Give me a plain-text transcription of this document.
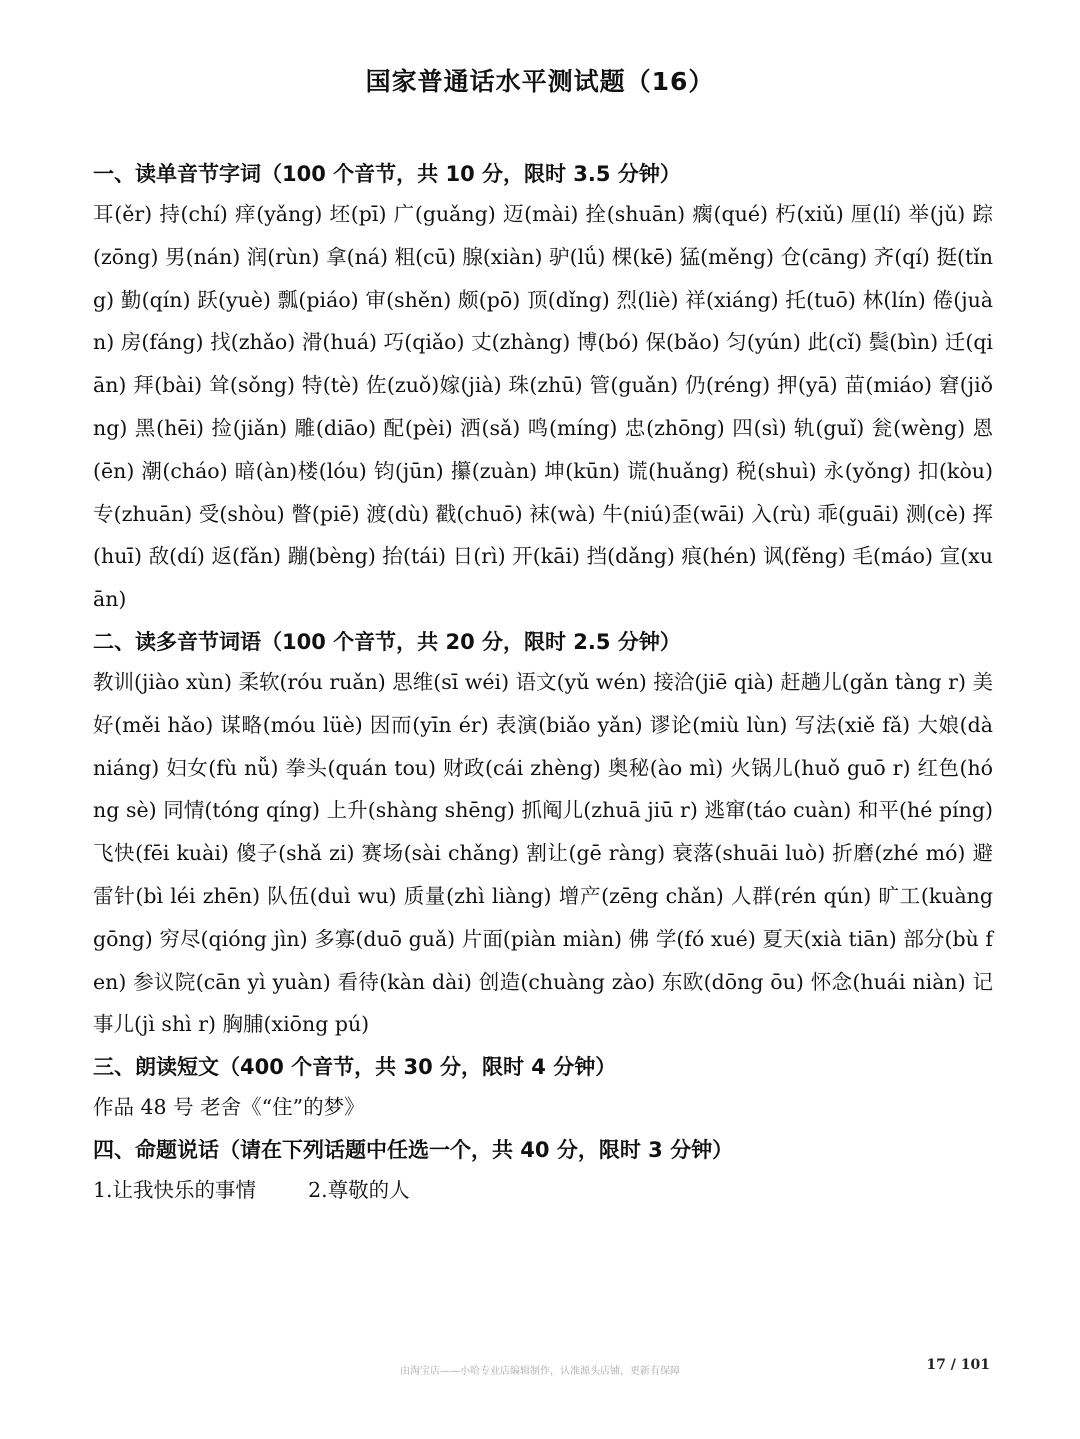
国家普通话水平测试题（16）
一、读单音节字词（100 个音节，共 10 分，限时 3.5 分钟）
耳(ěr) 持(chí) 痒(yǎng) 坯(pī) 广(guǎng) 迈(mài) 拴(shuān) 瘸(qué) 朽(xiǔ) 厘(lí) 举(jǔ) 踪(zōng) 男(nán) 润(rùn) 拿(ná) 粗(cū) 腺(xiàn) 驴(lǘ) 棵(kē) 猛(měng) 仓(cāng) 齐(qí) 挺(tǐng) 勤(qín) 跃(yuè) 瓢(piáo) 审(shěn) 颇(pō) 顶(dǐng) 烈(liè) 祥(xiáng) 托(tuō) 林(lín) 倦(juàn) 房(fáng) 找(zhǎo) 滑(huá) 巧(qiǎo) 丈(zhàng) 博(bó) 保(bǎo) 匀(yún) 此(cǐ) 鬓(bìn) 迁(qiān) 拜(bài) 耸(sǒng) 特(tè) 佐(zuǒ)嫁(jià) 珠(zhū) 管(guǎn) 仍(réng) 押(yā) 苗(miáo) 窘(jiǒng) 黑(hēi) 捡(jiǎn) 雕(diāo) 配(pèi) 洒(sǎ) 鸣(míng) 忠(zhōng) 四(sì) 轨(guǐ) 瓮(wèng) 恩(ēn) 潮(cháo) 暗(àn)楼(lóu) 钧(jūn) 攥(zuàn) 坤(kūn) 谎(huǎng) 税(shuì) 永(yǒng) 扣(kòu) 专(zhuān) 受(shòu) 瞥(piē) 渡(dù) 戳(chuō) 袜(wà) 牛(niú)歪(wāi) 入(rù) 乖(guāi) 测(cè) 挥(huī) 敌(dí) 返(fǎn) 蹦(bèng) 抬(tái) 日(rì) 开(kāi) 挡(dǎng) 痕(hén) 讽(fěng) 毛(máo) 宣(xuān)
二、读多音节词语（100 个音节，共 20 分，限时 2.5 分钟）
教训(jiào xùn) 柔软(róu ruǎn) 思维(sī wéi) 语文(yǔ wén) 接洽(jiē qià) 赶趟儿(gǎn tàng r) 美好(měi hǎo) 谋略(móu lüè) 因而(yīn ér) 表演(biǎo yǎn) 谬论(miù lùn) 写法(xiě fǎ) 大娘(dà niáng) 妇女(fù nǚ) 拳头(quán tou) 财政(cái zhèng) 奥秘(ào mì) 火锅儿(huǒ guō r) 红色(hóng sè) 同情(tóng qíng) 上升(shàng shēng) 抓阄儿(zhuā jiū r) 逃窜(táo cuàn) 和平(hé píng) 飞快(fēi kuài) 傻子(shǎ zi) 赛场(sài chǎng) 割让(gē ràng) 衰落(shuāi luò) 折磨(zhé mó) 避雷针(bì léi zhēn) 队伍(duì wu) 质量(zhì liàng) 增产(zēng chǎn) 人群(rén qún) 旷工(kuàng gōng) 穷尽(qióng jìn) 多寡(duō guǎ) 片面(piàn miàn) 佛 学(fó xué) 夏天(xià tiān) 部分(bù fen) 参议院(cān yì yuàn) 看待(kàn dài) 创造(chuàng zào) 东欧(dōng ōu) 怀念(huái niàn) 记事儿(jì shì r) 胸脯(xiōng pú)
三、朗读短文（400 个音节，共 30 分，限时 4 分钟）
作品 48 号 老舍《“住”的梦》
四、命题说话（请在下列话题中任选一个，共 40 分，限时 3 分钟）
1.让我快乐的事情	2.尊敬的人
由淘宝店——小哈专业店编辑制作，认准源头店铺，更新有保障	17 / 101
